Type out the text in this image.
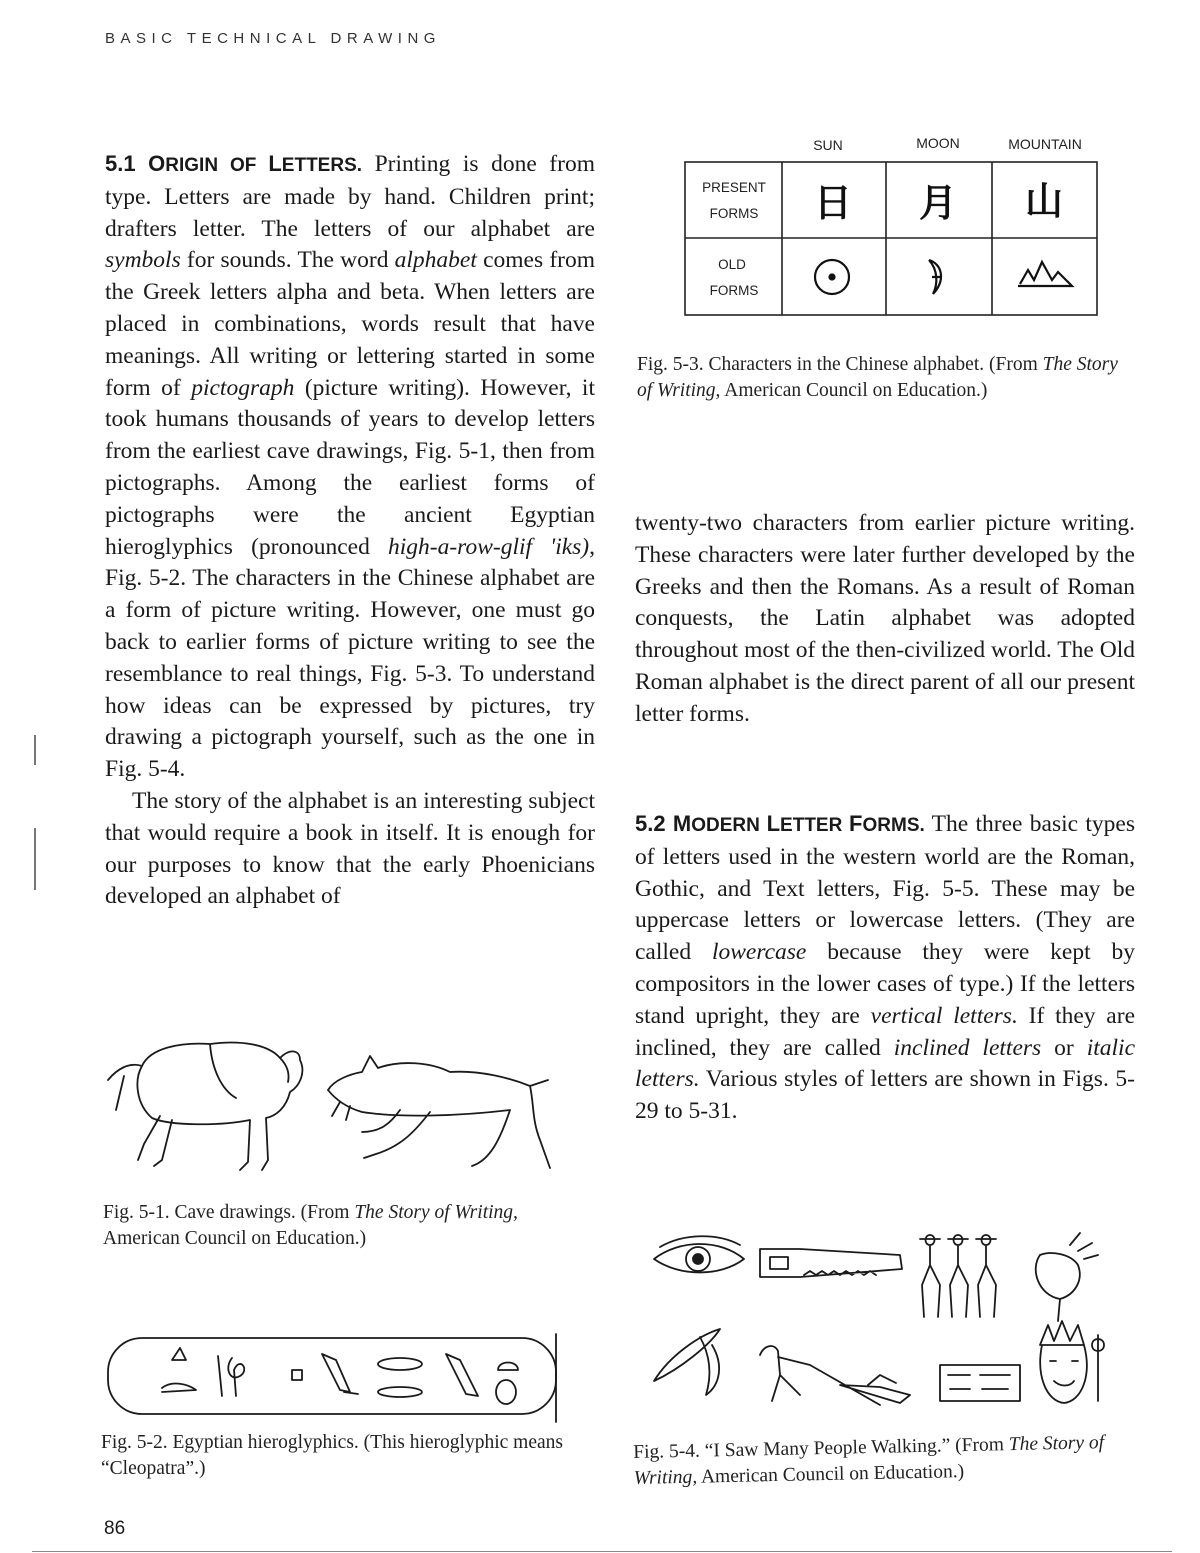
BASIC TECHNICAL DRAWING

5.1 ORIGIN OF LETTERS. Printing is done from type. Letters are made by hand. Children print; drafters letter. The letters of our alphabet are symbols for sounds. The word alphabet comes from the Greek letters alpha and beta. When letters are placed in combinations, words result that have meanings. All writing or lettering started in some form of pictograph (picture writing). However, it took humans thousands of years to develop letters from the earliest cave drawings, Fig. 5-1, then from pictographs. Among the earliest forms of pictographs were the ancient Egyptian hieroglyphics (pronounced high-a-row-glif 'iks), Fig. 5-2. The characters in the Chinese alphabet are a form of picture writing. However, one must go back to earlier forms of picture writing to see the resemblance to real things, Fig. 5-3. To understand how ideas can be expressed by pictures, try drawing a pictograph yourself, such as the one in Fig. 5-4.

The story of the alphabet is an interesting subject that would require a book in itself. It is enough for our purposes to know that the early Phoenicians developed an alphabet of

twenty-two characters from earlier picture writing. These characters were later further developed by the Greeks and then the Romans. As a result of Roman conquests, the Latin alphabet was adopted throughout most of the then-civilized world. The Old Roman alphabet is the direct parent of all our present letter forms.

5.2 MODERN LETTER FORMS. The three basic types of letters used in the western world are the Roman, Gothic, and Text letters, Fig. 5-5. These may be uppercase letters or lowercase letters. (They are called lowercase because they were kept by compositors in the lower cases of type.) If the letters stand upright, they are vertical letters. If they are inclined, they are called inclined letters or italic letters. Various styles of letters are shown in Figs. 5-29 to 5-31.

SUN	MOON	MOUNTAIN
PRESENT
FORMS
OLD
FORMS
日 月 山
Fig. 5-3. Characters in the Chinese alphabet. (From The Story of Writing, American Council on Education.)
Fig. 5-1. Cave drawings. (From The Story of Writing, American Council on Education.)
Fig. 5-2. Egyptian hieroglyphics. (This hieroglyphic means “Cleopatra”.)
Fig. 5-4. “I Saw Many People Walking.” (From The Story of Writing, American Council on Education.)
86
